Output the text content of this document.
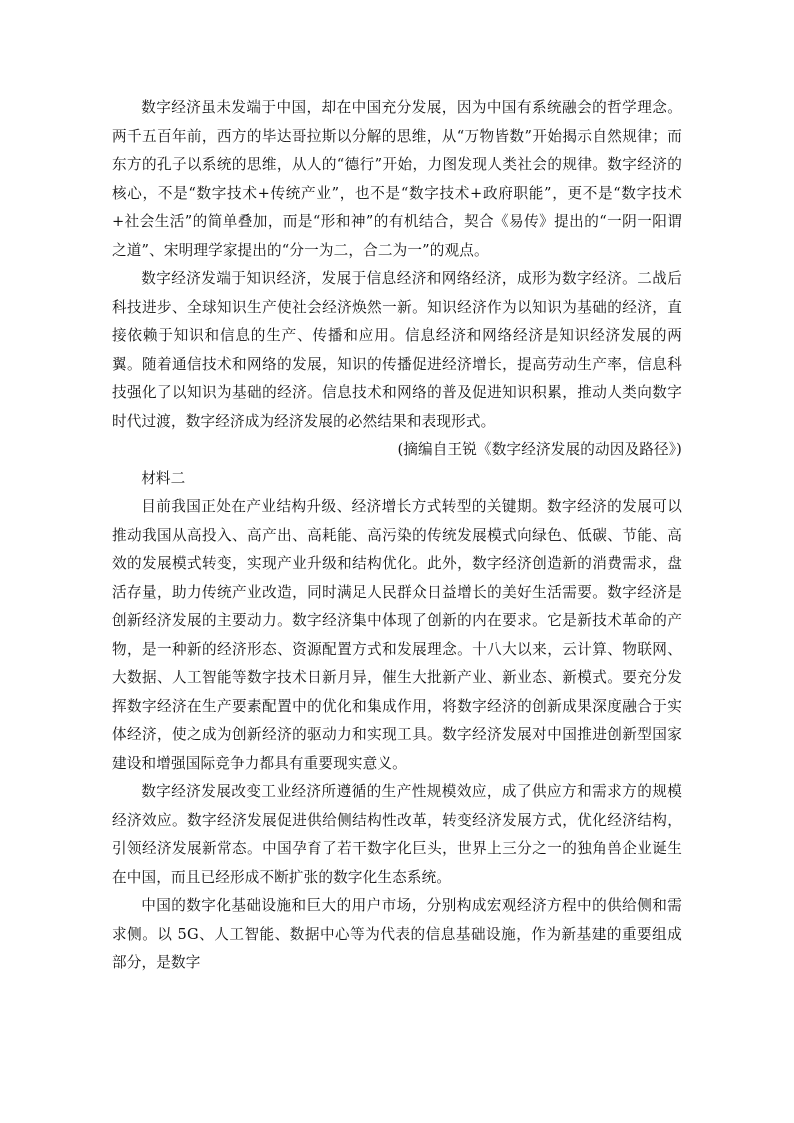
数字经济虽未发端于中国，却在中国充分发展，因为中国有系统融会的哲学理念。两千五百年前，西方的毕达哥拉斯以分解的思维，从“万物皆数”开始揭示自然规律；而东方的孔子以系统的思维，从人的“德行”开始，力图发现人类社会的规律。数字经济的核心，不是“数字技术+传统产业”，也不是“数字技术+政府职能”，更不是“数字技术+社会生活”的简单叠加，而是“形和神”的有机结合，契合《易传》提出的“一阴一阳谓之道”、宋明理学家提出的“分一为二，合二为一”的观点。

数字经济发端于知识经济，发展于信息经济和网络经济，成形为数字经济。二战后科技进步、全球知识生产使社会经济焕然一新。知识经济作为以知识为基础的经济，直接依赖于知识和信息的生产、传播和应用。信息经济和网络经济是知识经济发展的两翼。随着通信技术和网络的发展，知识的传播促进经济增长，提高劳动生产率，信息科技强化了以知识为基础的经济。信息技术和网络的普及促进知识积累，推动人类向数字时代过渡，数字经济成为经济发展的必然结果和表现形式。

(摘编自王锐《数字经济发展的动因及路径》)

材料二

目前我国正处在产业结构升级、经济增长方式转型的关键期。数字经济的发展可以推动我国从高投入、高产出、高耗能、高污染的传统发展模式向绿色、低碳、节能、高效的发展模式转变，实现产业升级和结构优化。此外，数字经济创造新的消费需求，盘活存量，助力传统产业改造，同时满足人民群众日益增长的美好生活需要。数字经济是创新经济发展的主要动力。数字经济集中体现了创新的内在要求。它是新技术革命的产物，是一种新的经济形态、资源配置方式和发展理念。十八大以来，云计算、物联网、大数据、人工智能等数字技术日新月异，催生大批新产业、新业态、新模式。要充分发挥数字经济在生产要素配置中的优化和集成作用，将数字经济的创新成果深度融合于实体经济，使之成为创新经济的驱动力和实现工具。数字经济发展对中国推进创新型国家建设和增强国际竞争力都具有重要现实意义。

数字经济发展改变工业经济所遵循的生产性规模效应，成了供应方和需求方的规模经济效应。数字经济发展促进供给侧结构性改革，转变经济发展方式，优化经济结构，引领经济发展新常态。中国孕育了若干数字化巨头，世界上三分之一的独角兽企业诞生在中国，而且已经形成不断扩张的数字化生态系统。

中国的数字化基础设施和巨大的用户市场，分别构成宏观经济方程中的供给侧和需求侧。以 5G、人工智能、数据中心等为代表的信息基础设施，作为新基建的重要组成部分，是数字
